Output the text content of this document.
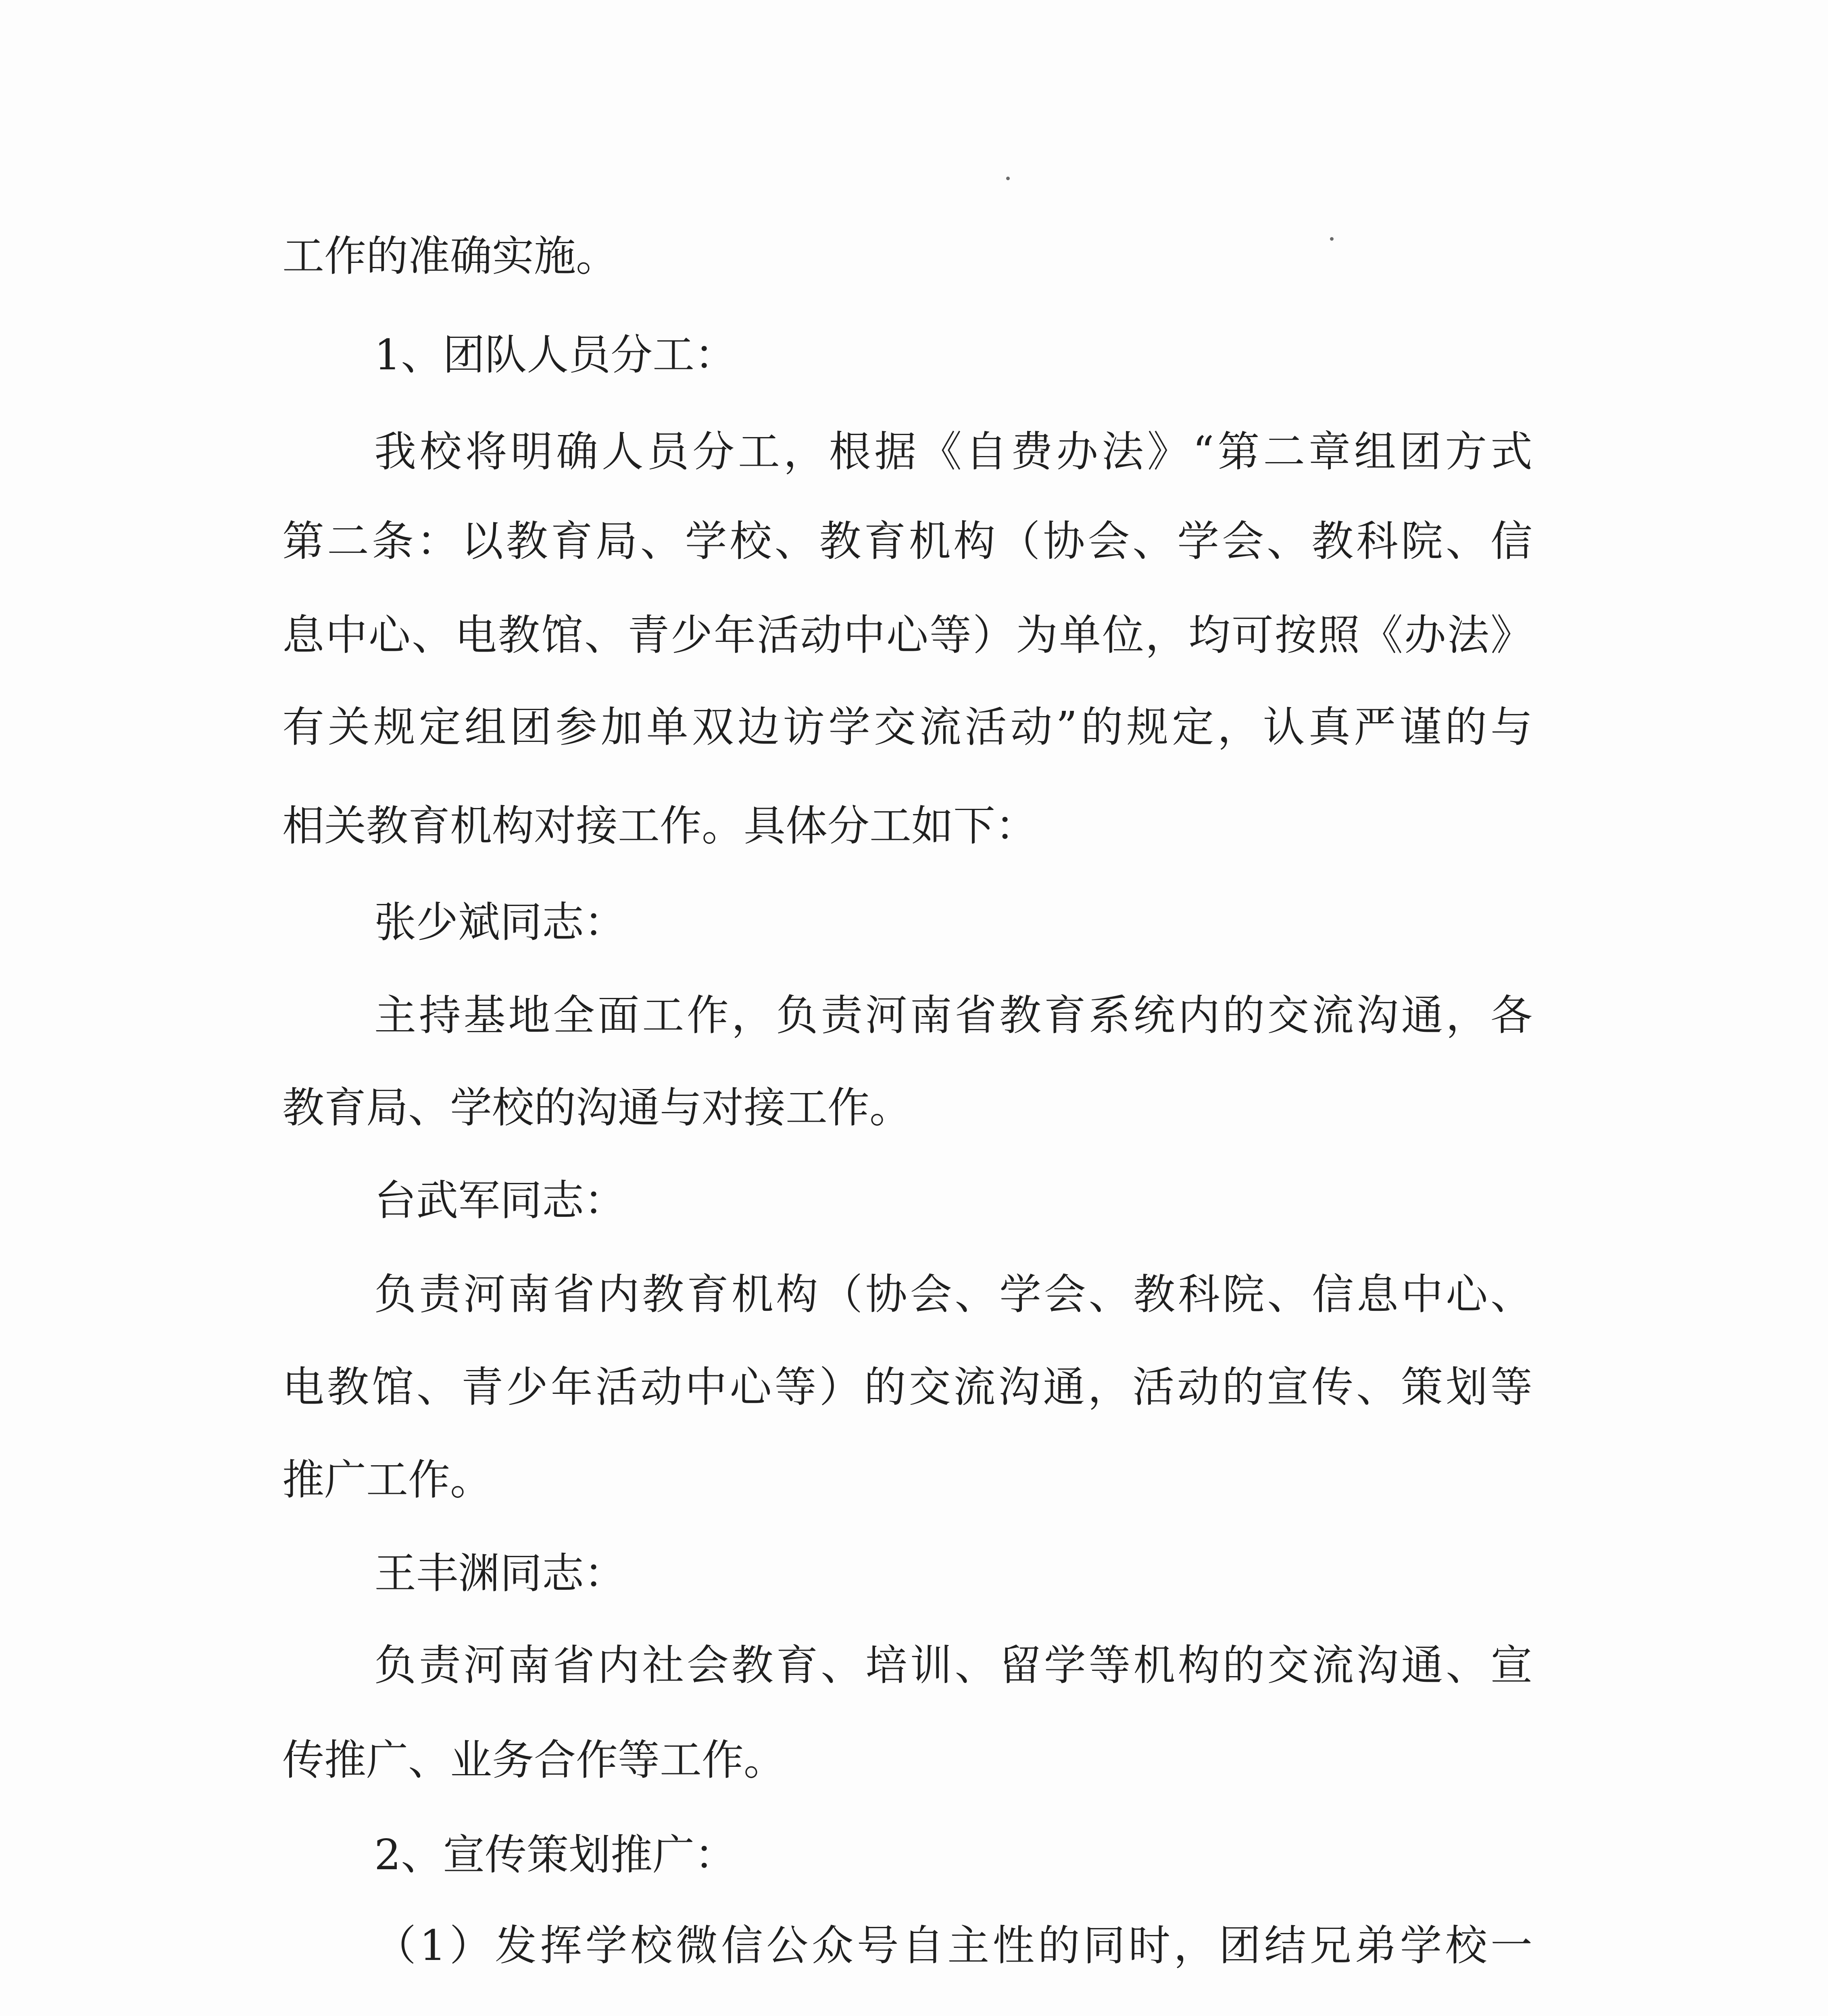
工作的准确实施。

1、团队人员分工：

我校将明确人员分工，根据《自费办法》“第二章组团方式

第二条：以教育局、学校、教育机构（协会、学会、教科院、信

息中心、电教馆、青少年活动中心等）为单位，均可按照《办法》

有关规定组团参加单双边访学交流活动”的规定，认真严谨的与

相关教育机构对接工作。具体分工如下：

张少斌同志：

主持基地全面工作，负责河南省教育系统内的交流沟通，各

教育局、学校的沟通与对接工作。

台武军同志：

负责河南省内教育机构（协会、学会、教科院、信息中心、

电教馆、青少年活动中心等）的交流沟通，活动的宣传、策划等

推广工作。

王丰渊同志：

负责河南省内社会教育、培训、留学等机构的交流沟通、宣

传推广、业务合作等工作。

2、宣传策划推广：

（1）发挥学校微信公众号自主性的同时，团结兄弟学校一
